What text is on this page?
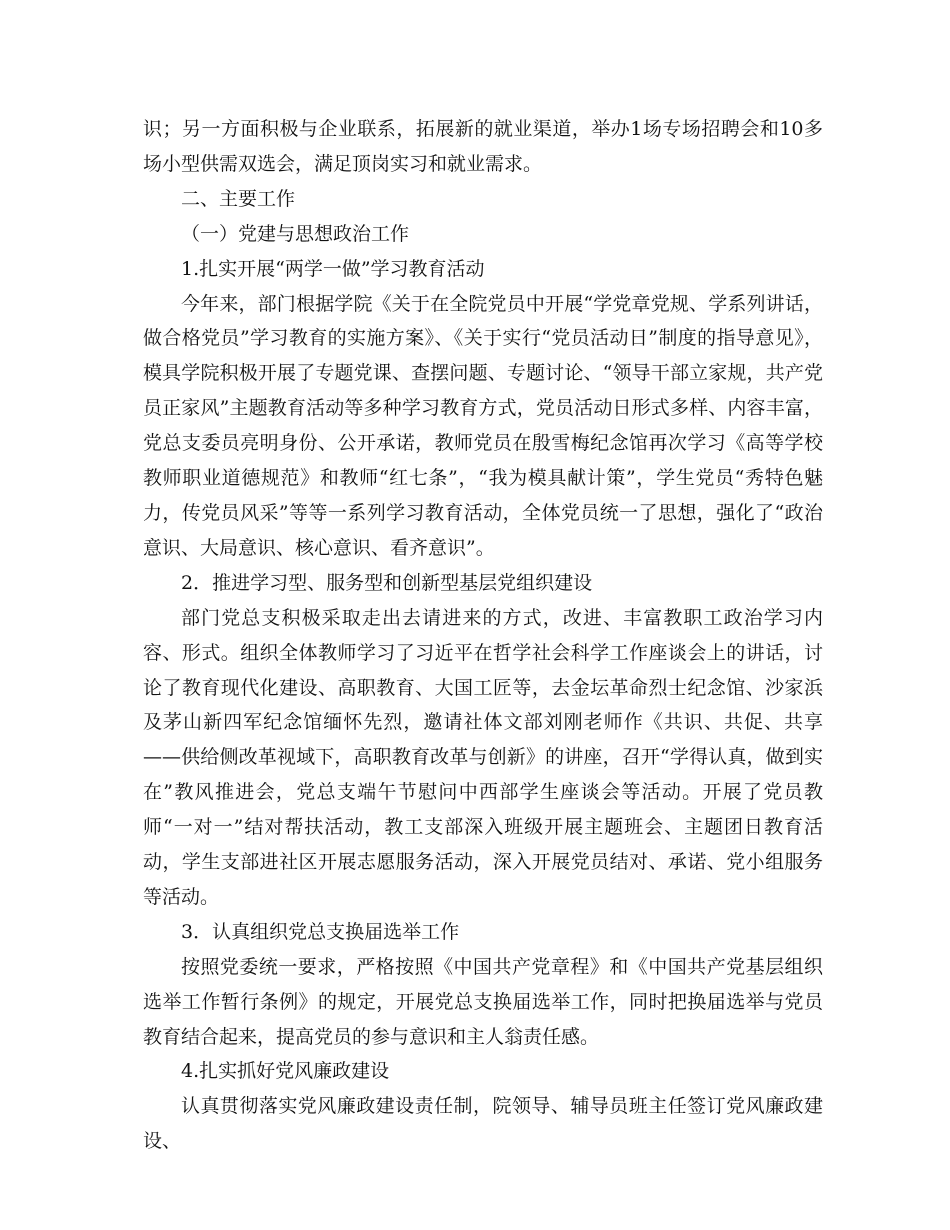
识；另一方面积极与企业联系，拓展新的就业渠道，举办1场专场招聘会和10多场小型供需双选会，满足顶岗实习和就业需求。

二、主要工作

（一）党建与思想政治工作

1.扎实开展“两学一做”学习教育活动

今年来，部门根据学院《关于在全院党员中开展“学党章党规、学系列讲话，做合格党员”学习教育的实施方案》、《关于实行“党员活动日”制度的指导意见》，模具学院积极开展了专题党课、查摆问题、专题讨论、“领导干部立家规，共产党员正家风”主题教育活动等多种学习教育方式，党员活动日形式多样、内容丰富，党总支委员亮明身份、公开承诺，教师党员在殷雪梅纪念馆再次学习《高等学校教师职业道德规范》和教师“红七条”，“我为模具献计策”，学生党员“秀特色魅力，传党员风采”等等一系列学习教育活动，全体党员统一了思想，强化了“政治意识、大局意识、核心意识、看齐意识”。

2．推进学习型、服务型和创新型基层党组织建设

部门党总支积极采取走出去请进来的方式，改进、丰富教职工政治学习内容、形式。组织全体教师学习了习近平在哲学社会科学工作座谈会上的讲话，讨论了教育现代化建设、高职教育、大国工匠等，去金坛革命烈士纪念馆、沙家浜及茅山新四军纪念馆缅怀先烈，邀请社体文部刘刚老师作《共识、共促、共享——供给侧改革视域下，高职教育改革与创新》的讲座，召开“学得认真，做到实在”教风推进会，党总支端午节慰问中西部学生座谈会等活动。开展了党员教师“一对一”结对帮扶活动，教工支部深入班级开展主题班会、主题团日教育活动，学生支部进社区开展志愿服务活动，深入开展党员结对、承诺、党小组服务等活动。

3．认真组织党总支换届选举工作

按照党委统一要求，严格按照《中国共产党章程》和《中国共产党基层组织选举工作暂行条例》的规定，开展党总支换届选举工作，同时把换届选举与党员教育结合起来，提高党员的参与意识和主人翁责任感。

4.扎实抓好党风廉政建设

认真贯彻落实党风廉政建设责任制，院领导、辅导员班主任签订党风廉政建设、
